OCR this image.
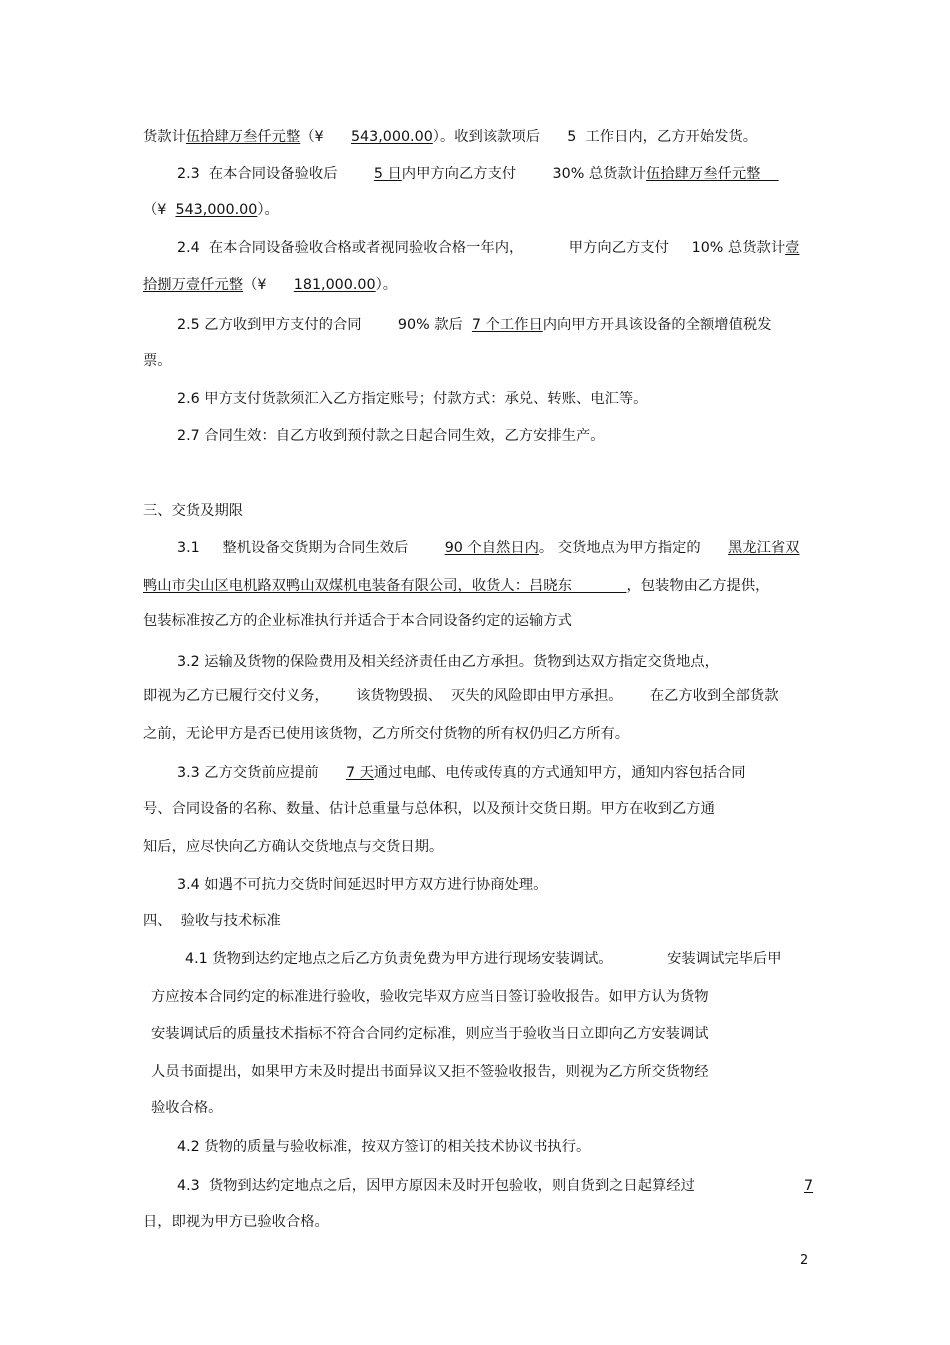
货款计伍拾肆万叁仟元整（¥      543,000.00）。收到该款项后      5  工作日内，乙方开始发货。
2.3  在本合同设备验收后        5 日内甲方向乙方支付        30% 总货款计伍拾肆万叁仟元整
（¥  543,000.00）。
2.4  在本合同设备验收合格或者视同验收合格一年内，          甲方向乙方支付     10% 总货款计壹
拾捌万壹仟元整（¥      181,000.00）。
2.5 乙方收到甲方支付的合同        90% 款后  7 个工作日内向甲方开具该设备的全额增值税发
票。
2.6 甲方支付货款须汇入乙方指定账号；付款方式：承兑、转账、电汇等。
2.7 合同生效：自乙方收到预付款之日起合同生效，乙方安排生产。
三、交货及期限
3.1     整机设备交货期为合同生效后        90 个自然日内。 交货地点为甲方指定的      黑龙江省双
鸭山市尖山区电机路双鸭山双煤机电装备有限公司，收货人：吕晓东            ，包装物由乙方提供，
包装标准按乙方的企业标准执行并适合于本合同设备约定的运输方式
3.2 运输及货物的保险费用及相关经济责任由乙方承担。货物到达双方指定交货地点，
即视为乙方已履行交付义务，      该货物毁损、  灭失的风险即由甲方承担。      在乙方收到全部货款
之前，无论甲方是否已使用该货物，乙方所交付货物的所有权仍归乙方所有。
3.3 乙方交货前应提前      7 天通过电邮、电传或传真的方式通知甲方，通知内容包括合同
号、合同设备的名称、数量、估计总重量与总体积，以及预计交货日期。甲方在收到乙方通
知后，应尽快向乙方确认交货地点与交货日期。
3.4 如遇不可抗力交货时间延迟时甲方双方进行协商处理。
四、  验收与技术标准
4.1 货物到达约定地点之后乙方负责免费为甲方进行现场安装调试。            安装调试完毕后甲
方应按本合同约定的标准进行验收，验收完毕双方应当日签订验收报告。如甲方认为货物
安装调试后的质量技术指标不符合合同约定标准，则应当于验收当日立即向乙方安装调试
人员书面提出，如果甲方未及时提出书面异议又拒不签验收报告，则视为乙方所交货物经
验收合格。
4.2 货物的质量与验收标准，按双方签订的相关技术协议书执行。
4.3  货物到达约定地点之后，因甲方原因未及时开包验收，则自货到之日起算经过	7
日，即视为甲方已验收合格。
2
